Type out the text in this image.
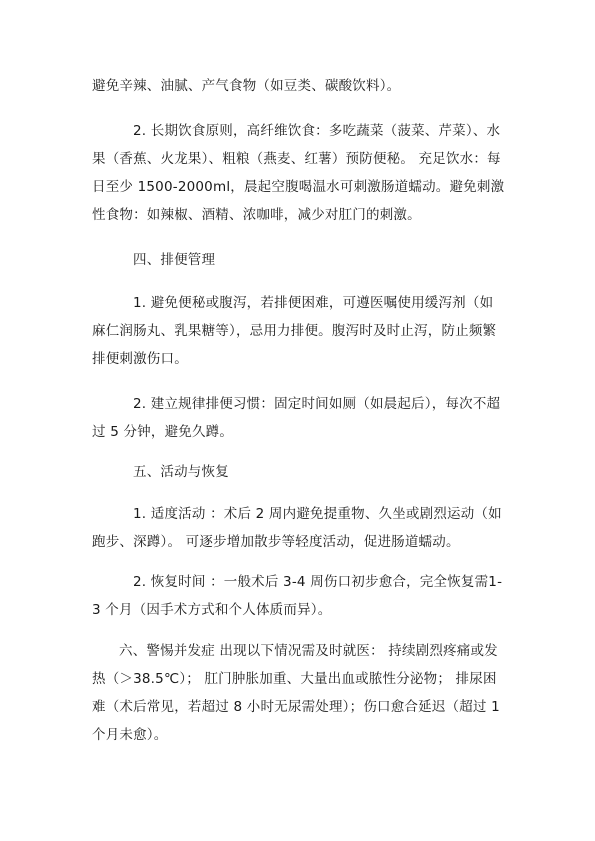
避免辛辣、油腻、产气食物（如豆类、碳酸饮料）。
2. 长期饮食原则，高纤维饮食：多吃蔬菜（菠菜、芹菜）、水果（香蕉、火龙果）、粗粮（燕麦、红薯）预防便秘。 充足饮水：每日至少 1500-2000ml，晨起空腹喝温水可刺激肠道蠕动。避免刺激性食物：如辣椒、酒精、浓咖啡，减少对肛门的刺激。
四、排便管理
1. 避免便秘或腹泻，若排便困难，可遵医嘱使用缓泻剂（如麻仁润肠丸、乳果糖等），忌用力排便。腹泻时及时止泻，防止频繁排便刺激伤口。
2. 建立规律排便习惯：固定时间如厕（如晨起后），每次不超过 5 分钟，避免久蹲。
五、活动与恢复
1. 适度活动 ：术后 2 周内避免提重物、久坐或剧烈运动（如跑步、深蹲）。 可逐步增加散步等轻度活动，促进肠道蠕动。
2. 恢复时间 ：一般术后 3-4 周伤口初步愈合，完全恢复需1-3 个月（因手术方式和个人体质而异）。
六、警惕并发症 出现以下情况需及时就医： 持续剧烈疼痛或发热（＞38.5℃）； 肛门肿胀加重、大量出血或脓性分泌物； 排尿困难（术后常见，若超过 8 小时无尿需处理）；伤口愈合延迟（超过 1 个月未愈）。
